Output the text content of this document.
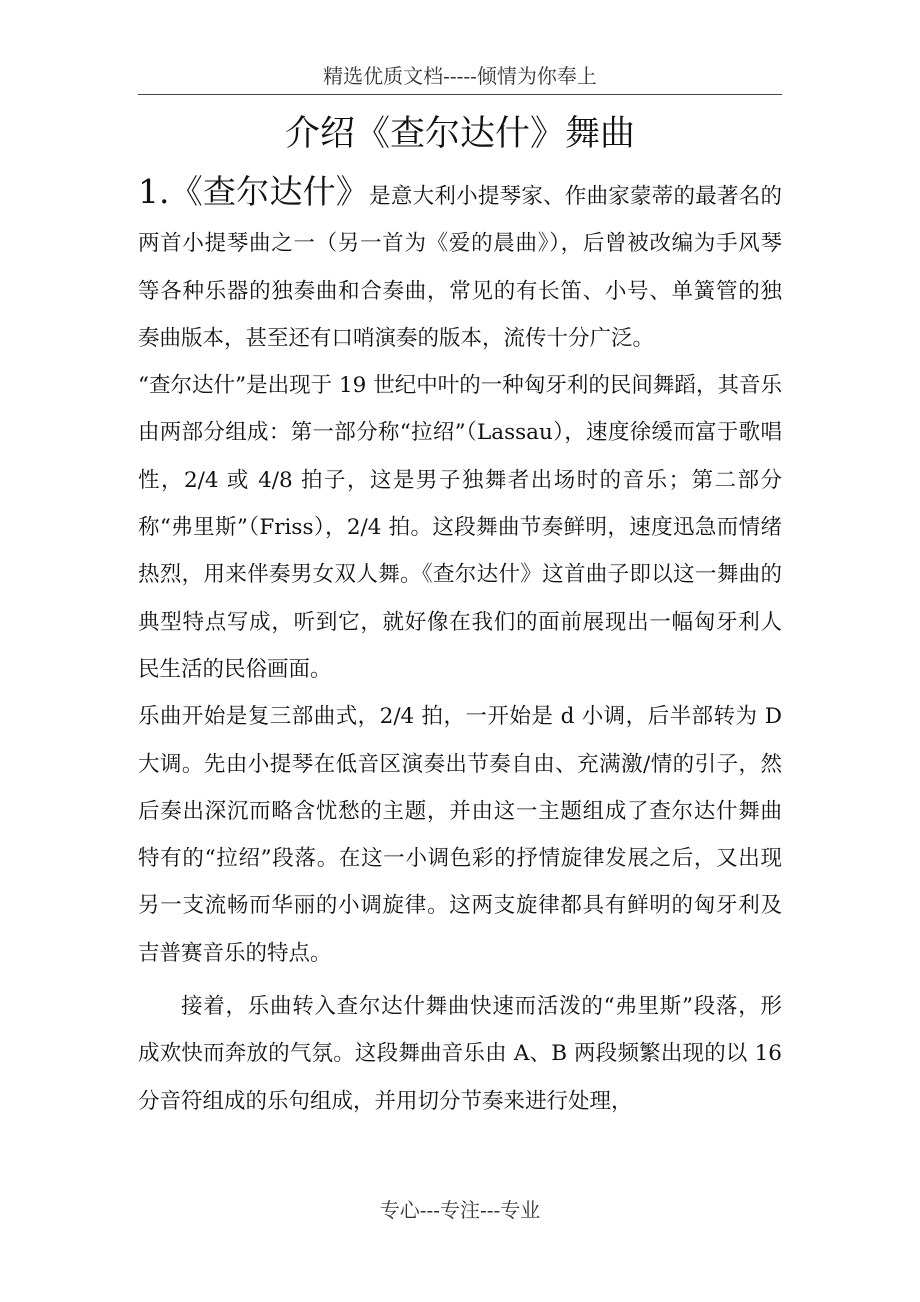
精选优质文档-----倾情为你奉上
介绍《查尔达什》舞曲

1.《查尔达什》是意大利小提琴家、作曲家蒙蒂的最著名的两首小提琴曲之一（另一首为《爱的晨曲》），后曾被改编为手风琴等各种乐器的独奏曲和合奏曲，常见的有长笛、小号、单簧管的独奏曲版本，甚至还有口哨演奏的版本，流传十分广泛。

“查尔达什”是出现于 19 世纪中叶的一种匈牙利的民间舞蹈，其音乐由两部分组成：第一部分称“拉绍”（Lassau），速度徐缓而富于歌唱性，2/4 或 4/8 拍子，这是男子独舞者出场时的音乐；第二部分称“弗里斯”（Friss），2/4 拍。这段舞曲节奏鲜明，速度迅急而情绪热烈，用来伴奏男女双人舞。《查尔达什》这首曲子即以这一舞曲的典型特点写成，听到它，就好像在我们的面前展现出一幅匈牙利人民生活的民俗画面。

乐曲开始是复三部曲式，2/4 拍，一开始是 d 小调，后半部转为 D 大调。先由小提琴在低音区演奏出节奏自由、充满激/情的引子，然后奏出深沉而略含忧愁的主题，并由这一主题组成了查尔达什舞曲特有的“拉绍”段落。在这一小调色彩的抒情旋律发展之后，又出现另一支流畅而华丽的小调旋律。这两支旋律都具有鲜明的匈牙利及吉普赛音乐的特点。

接着，乐曲转入查尔达什舞曲快速而活泼的“弗里斯”段落，形成欢快而奔放的气氛。这段舞曲音乐由 A、B 两段频繁出现的以 16 分音符组成的乐句组成，并用切分节奏来进行处理，

专心---专注---专业
